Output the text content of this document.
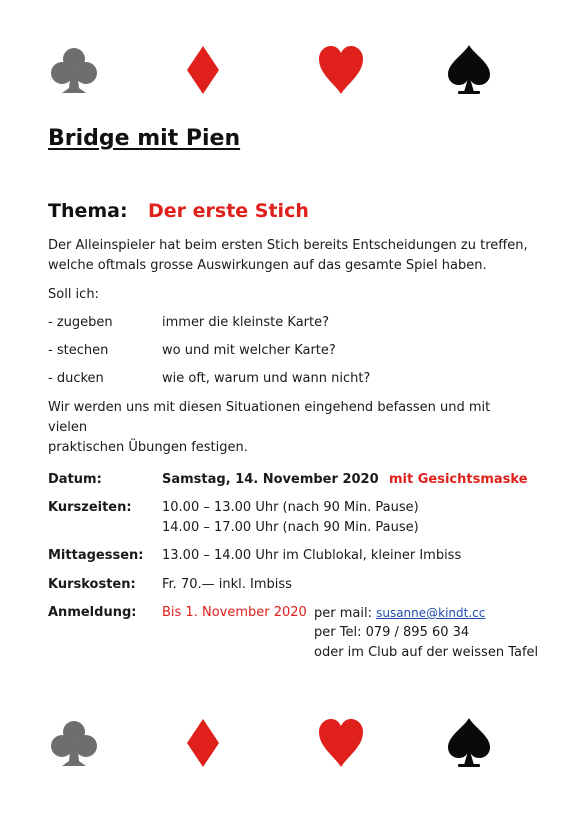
Bridge mit Pien
Thema: Der erste Stich
Der Alleinspieler hat beim ersten Stich bereits Entscheidungen zu treffen,
welche oftmals grosse Auswirkungen auf das gesamte Spiel haben.
Soll ich:
- zugeben	immer die kleinste Karte?
- stechen	wo und mit welcher Karte?
- ducken	wie oft, warum und wann nicht?
Wir werden uns mit diesen Situationen eingehend befassen und mit vielen
praktischen Übungen festigen.
Datum:	Samstag, 14. November 2020 mit Gesichtsmaske
Kurszeiten: 10.00 – 13.00 Uhr (nach 90 Min. Pause)
14.00 – 17.00 Uhr (nach 90 Min. Pause)
Mittagessen: 13.00 – 14.00 Uhr im Clublokal, kleiner Imbiss
Kurskosten: Fr. 70.— inkl. Imbiss
Anmeldung: Bis 1. November 2020 per mail: susanne@kindt.cc
per Tel: 079 / 895 60 34
oder im Club auf der weissen Tafel
